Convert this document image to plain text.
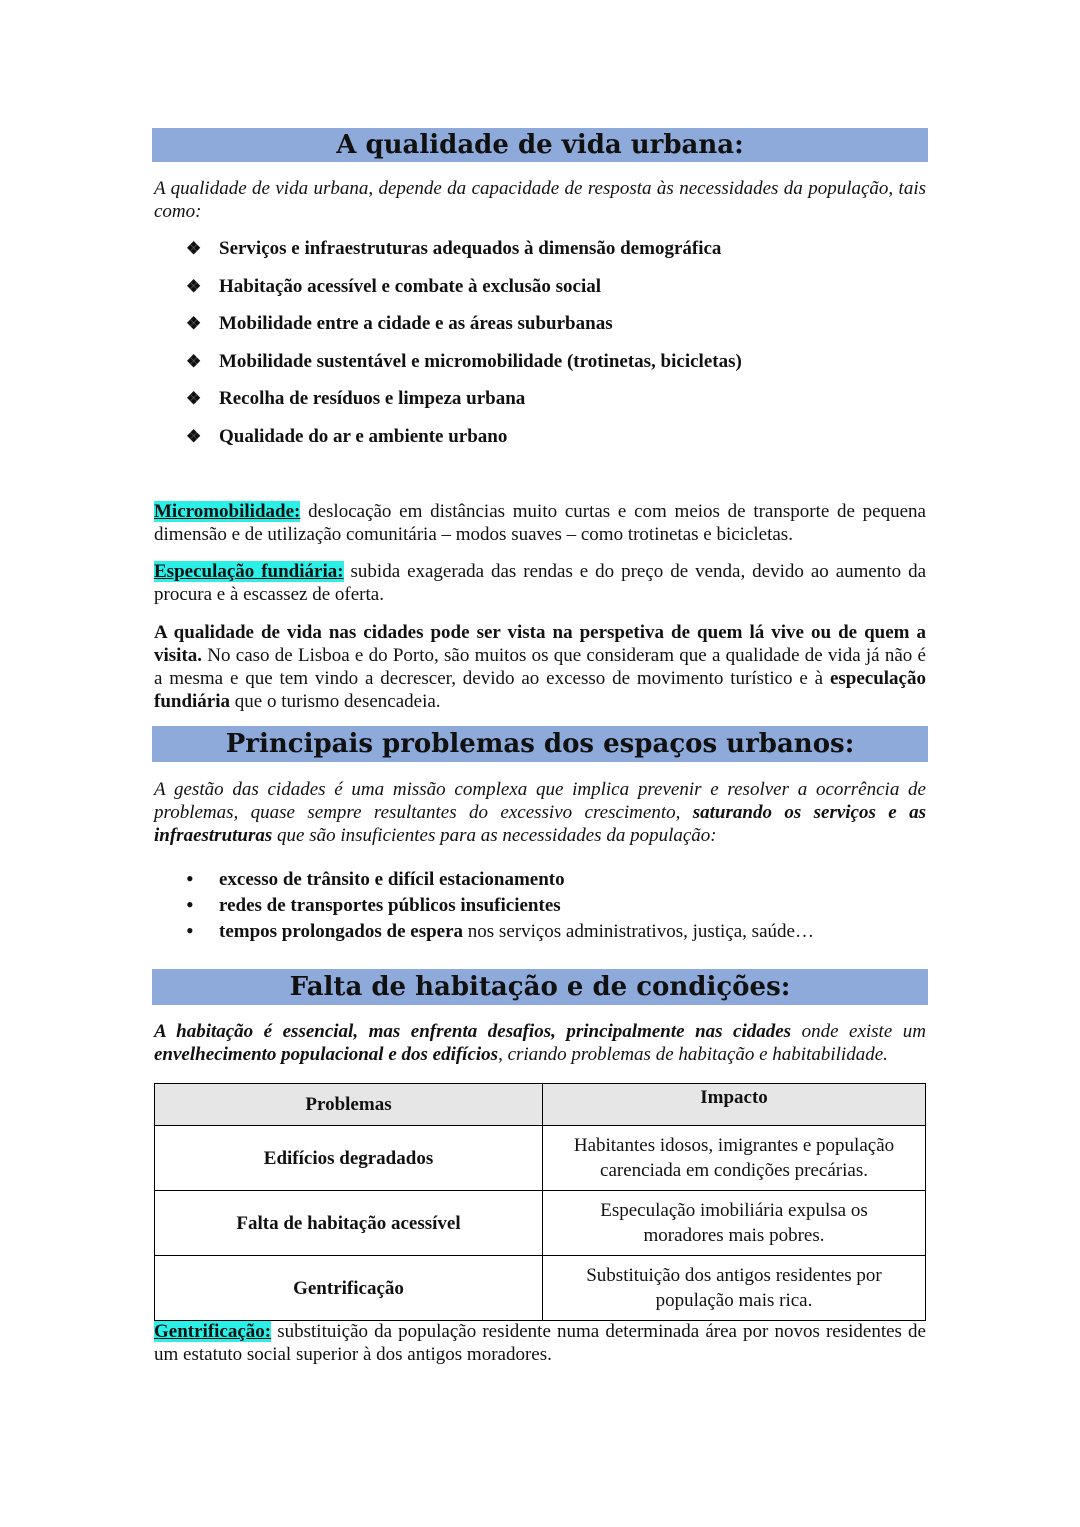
A qualidade de vida urbana:
A qualidade de vida urbana, depende da capacidade de resposta às necessidades da população, tais como:
❖ Serviços e infraestruturas adequados à dimensão demográfica
❖ Habitação acessível e combate à exclusão social
❖ Mobilidade entre a cidade e as áreas suburbanas
❖ Mobilidade sustentável e micromobilidade (trotinetas, bicicletas)
❖ Recolha de resíduos e limpeza urbana
❖ Qualidade do ar e ambiente urbano
Micromobilidade: deslocação em distâncias muito curtas e com meios de transporte de pequena dimensão e de utilização comunitária – modos suaves – como trotinetas e bicicletas.
Especulação fundiária: subida exagerada das rendas e do preço de venda, devido ao aumento da procura e à escassez de oferta.
A qualidade de vida nas cidades pode ser vista na perspetiva de quem lá vive ou de quem a visita. No caso de Lisboa e do Porto, são muitos os que consideram que a qualidade de vida já não é a mesma e que tem vindo a decrescer, devido ao excesso de movimento turístico e à especulação fundiária que o turismo desencadeia.
Principais problemas dos espaços urbanos:
A gestão das cidades é uma missão complexa que implica prevenir e resolver a ocorrência de problemas, quase sempre resultantes do excessivo crescimento, saturando os serviços e as infraestruturas que são insuficientes para as necessidades da população:
•	excesso de trânsito e difícil estacionamento
•	redes de transportes públicos insuficientes
•	tempos prolongados de espera nos serviços administrativos, justiça, saúde…
Falta de habitação e de condições:
A habitação é essencial, mas enfrenta desafios, principalmente nas cidades onde existe um envelhecimento populacional e dos edifícios, criando problemas de habitação e habitabilidade.
Problemas	Impacto
Edifícios degradados	Habitantes idosos, imigrantes e população carenciada em condições precárias.
Falta de habitação acessível	Especulação imobiliária expulsa os moradores mais pobres.
Gentrificação	Substituição dos antigos residentes por população mais rica.
Gentrificação: substituição da população residente numa determinada área por novos residentes de um estatuto social superior à dos antigos moradores.
